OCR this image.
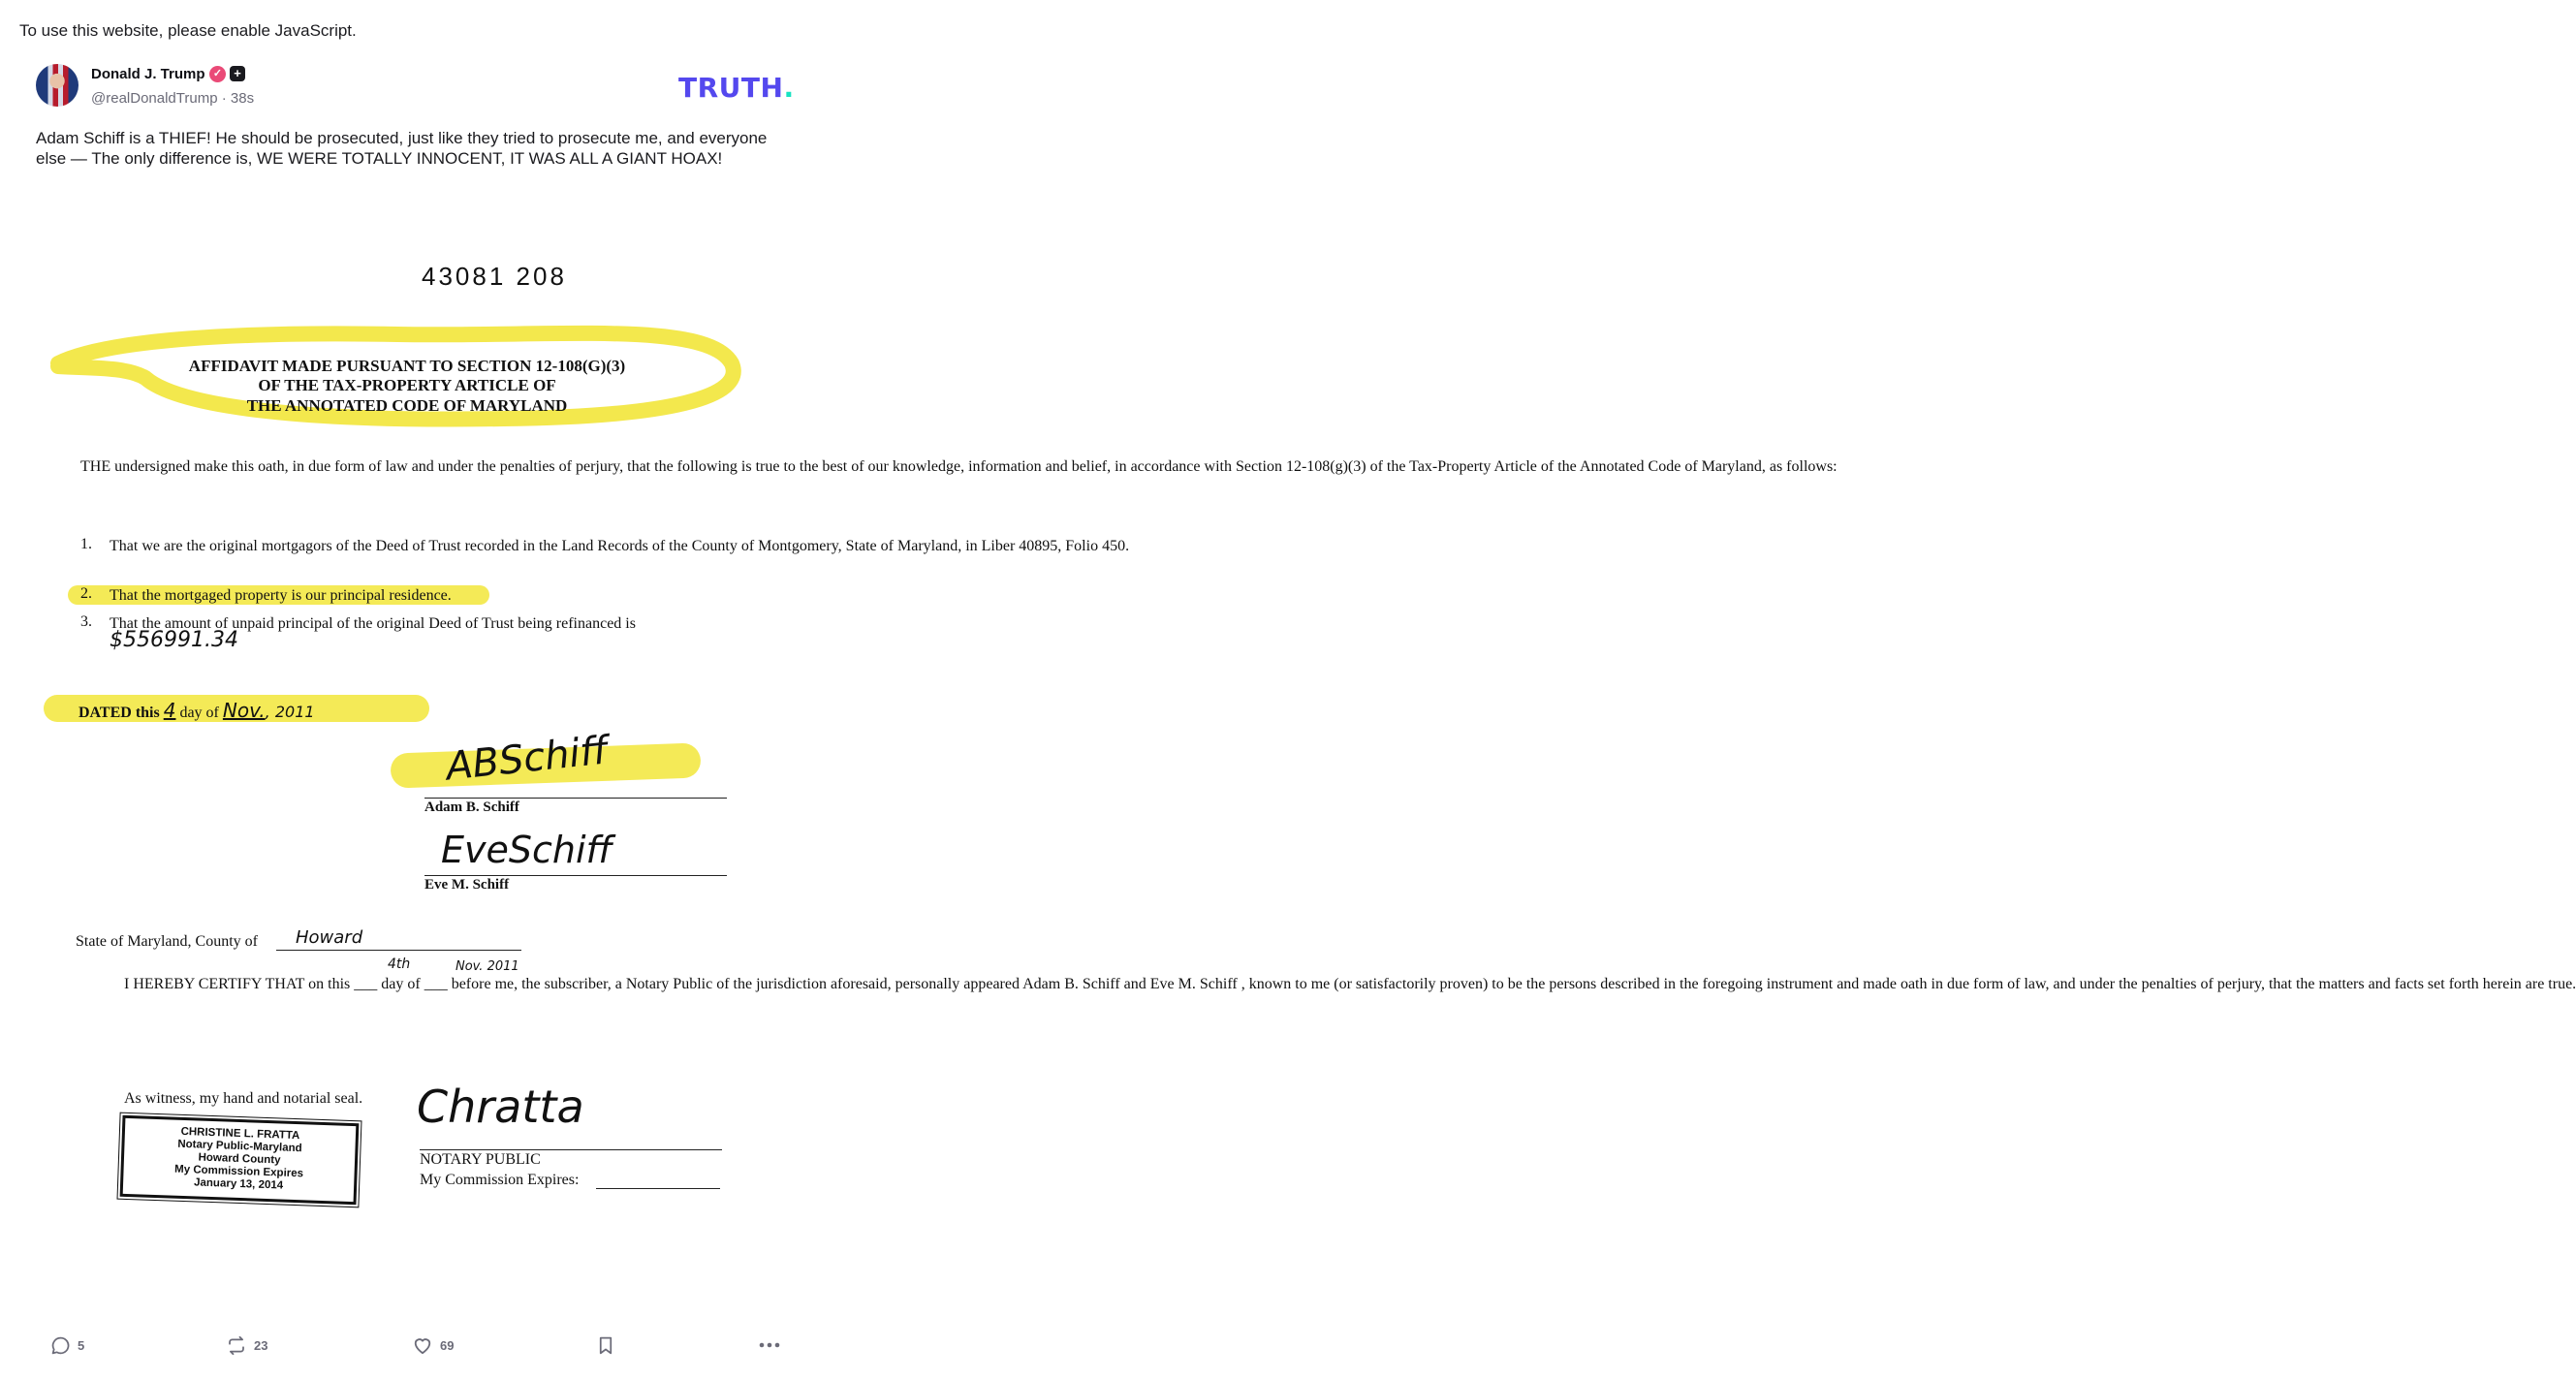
To use this website, please enable JavaScript.
Donald J. Trump ✓ +
@realDonaldTrump · 38s	TRUTH.
Adam Schiff is a THIEF! He should be prosecuted, just like they tried to prosecute me, and everyone else — The only difference is, WE WERE TOTALLY INNOCENT, IT WAS ALL A GIANT HOAX!
43081 208
AFFIDAVIT MADE PURSUANT TO SECTION 12-108(G)(3)
OF THE TAX-PROPERTY ARTICLE OF
THE ANNOTATED CODE OF MARYLAND
THE undersigned make this oath, in due form of law and under the penalties of perjury, that the following is true to the best of our knowledge, information and belief, in accordance with Section 12-108(g)(3) of the Tax-Property Article of the Annotated Code of Maryland, as follows:
1. That we are the original mortgagors of the Deed of Trust recorded in the Land Records of the County of Montgomery, State of Maryland, in Liber 40895, Folio 450.
2. That the mortgaged property is our principal residence.
3. That the amount of unpaid principal of the original Deed of Trust being refinanced is
$556991.34
DATED this 4 day of Nov., 2011
ABSchiff
Adam B. Schiff
EveSchiff
Eve M. Schiff
State of Maryland, County of Howard
4th	Nov. 2011
I HEREBY CERTIFY THAT on this ___ day of ___ before me, the subscriber, a Notary Public of the jurisdiction aforesaid, personally appeared Adam B. Schiff and Eve M. Schiff , known to me (or satisfactorily proven) to be the persons described in the foregoing instrument and made oath in due form of law, and under the penalties of perjury, that the matters and facts set forth herein are true.
As witness, my hand and notarial seal.
CHRISTINE L. FRATTA
Notary Public-Maryland
Howard County
My Commission Expires
January 13, 2014
Chratta
NOTARY PUBLIC
My Commission Expires:
5	23	69
